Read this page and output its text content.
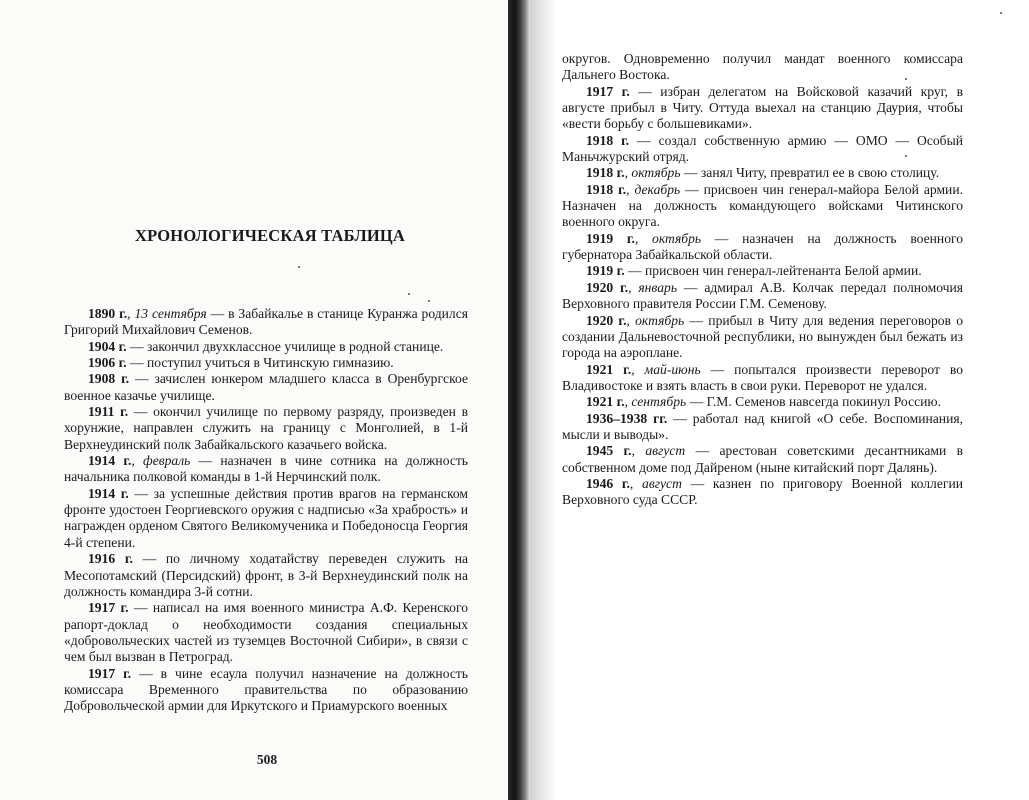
ХРОНОЛОГИЧЕСКАЯ ТАБЛИЦА

1890 г., 13 сентября — в Забайкалье в станице Куранжа родился Григорий Михайлович Семенов.

1904 г. — закончил двухклассное училище в родной станице.

1906 г. — поступил учиться в Читинскую гимназию.

1908 г. — зачислен юнкером младшего класса в Оренбургское военное казачье училище.

1911 г. — окончил училище по первому разряду, произведен в хорунжие, направлен служить на границу с Монголией, в 1-й Верхнеудинский полк Забайкальского казачьего войска.

1914 г., февраль — назначен в чине сотника на должность начальника полковой команды в 1-й Нерчинский полк.

1914 г. — за успешные действия против врагов на германском фронте удостоен Георгиевского оружия с надписью «За храбрость» и награжден орденом Святого Великомученика и Победоносца Георгия 4-й степени.

1916 г. — по личному ходатайству переведен служить на Месопотамский (Персидский) фронт, в 3-й Верхнеудинский полк на должность командира 3-й сотни.

1917 г. — написал на имя военного министра А.Ф. Керенского рапорт-доклад о необходимости создания специальных «добровольческих частей из туземцев Восточной Сибири», в связи с чем был вызван в Петроград.

1917 г. — в чине есаула получил назначение на должность комиссара Временного правительства по образованию Добровольческой армии для Иркутского и Приамурского военных

508

округов. Одновременно получил мандат военного комиссара Дальнего Востока.

1917 г. — избран делегатом на Войсковой казачий круг, в августе прибыл в Читу. Оттуда выехал на станцию Даурия, чтобы «вести борьбу с большевиками».

1918 г. — создал собственную армию — ОМО — Особый Маньчжурский отряд.

1918 г., октябрь — занял Читу, превратил ее в свою столицу.

1918 г., декабрь — присвоен чин генерал-майора Белой армии. Назначен на должность командующего войсками Читинского военного округа.

1919 г., октябрь — назначен на должность военного губернатора Забайкальской области.

1919 г. — присвоен чин генерал-лейтенанта Белой армии.

1920 г., январь — адмирал А.В. Колчак передал полномочия Верховного правителя России Г.М. Семенову.

1920 г., октябрь — прибыл в Читу для ведения переговоров о создании Дальневосточной республики, но вынужден был бежать из города на аэроплане.

1921 г., май-июнь — попытался произвести переворот во Владивостоке и взять власть в свои руки. Переворот не удался.

1921 г., сентябрь — Г.М. Семенов навсегда покинул Россию.

1936–1938 гг. — работал над книгой «О себе. Воспоминания, мысли и выводы».

1945 г., август — арестован советскими десантниками в собственном доме под Дайреном (ныне китайский порт Далянь).

1946 г., август — казнен по приговору Военной коллегии Верховного суда СССР.
